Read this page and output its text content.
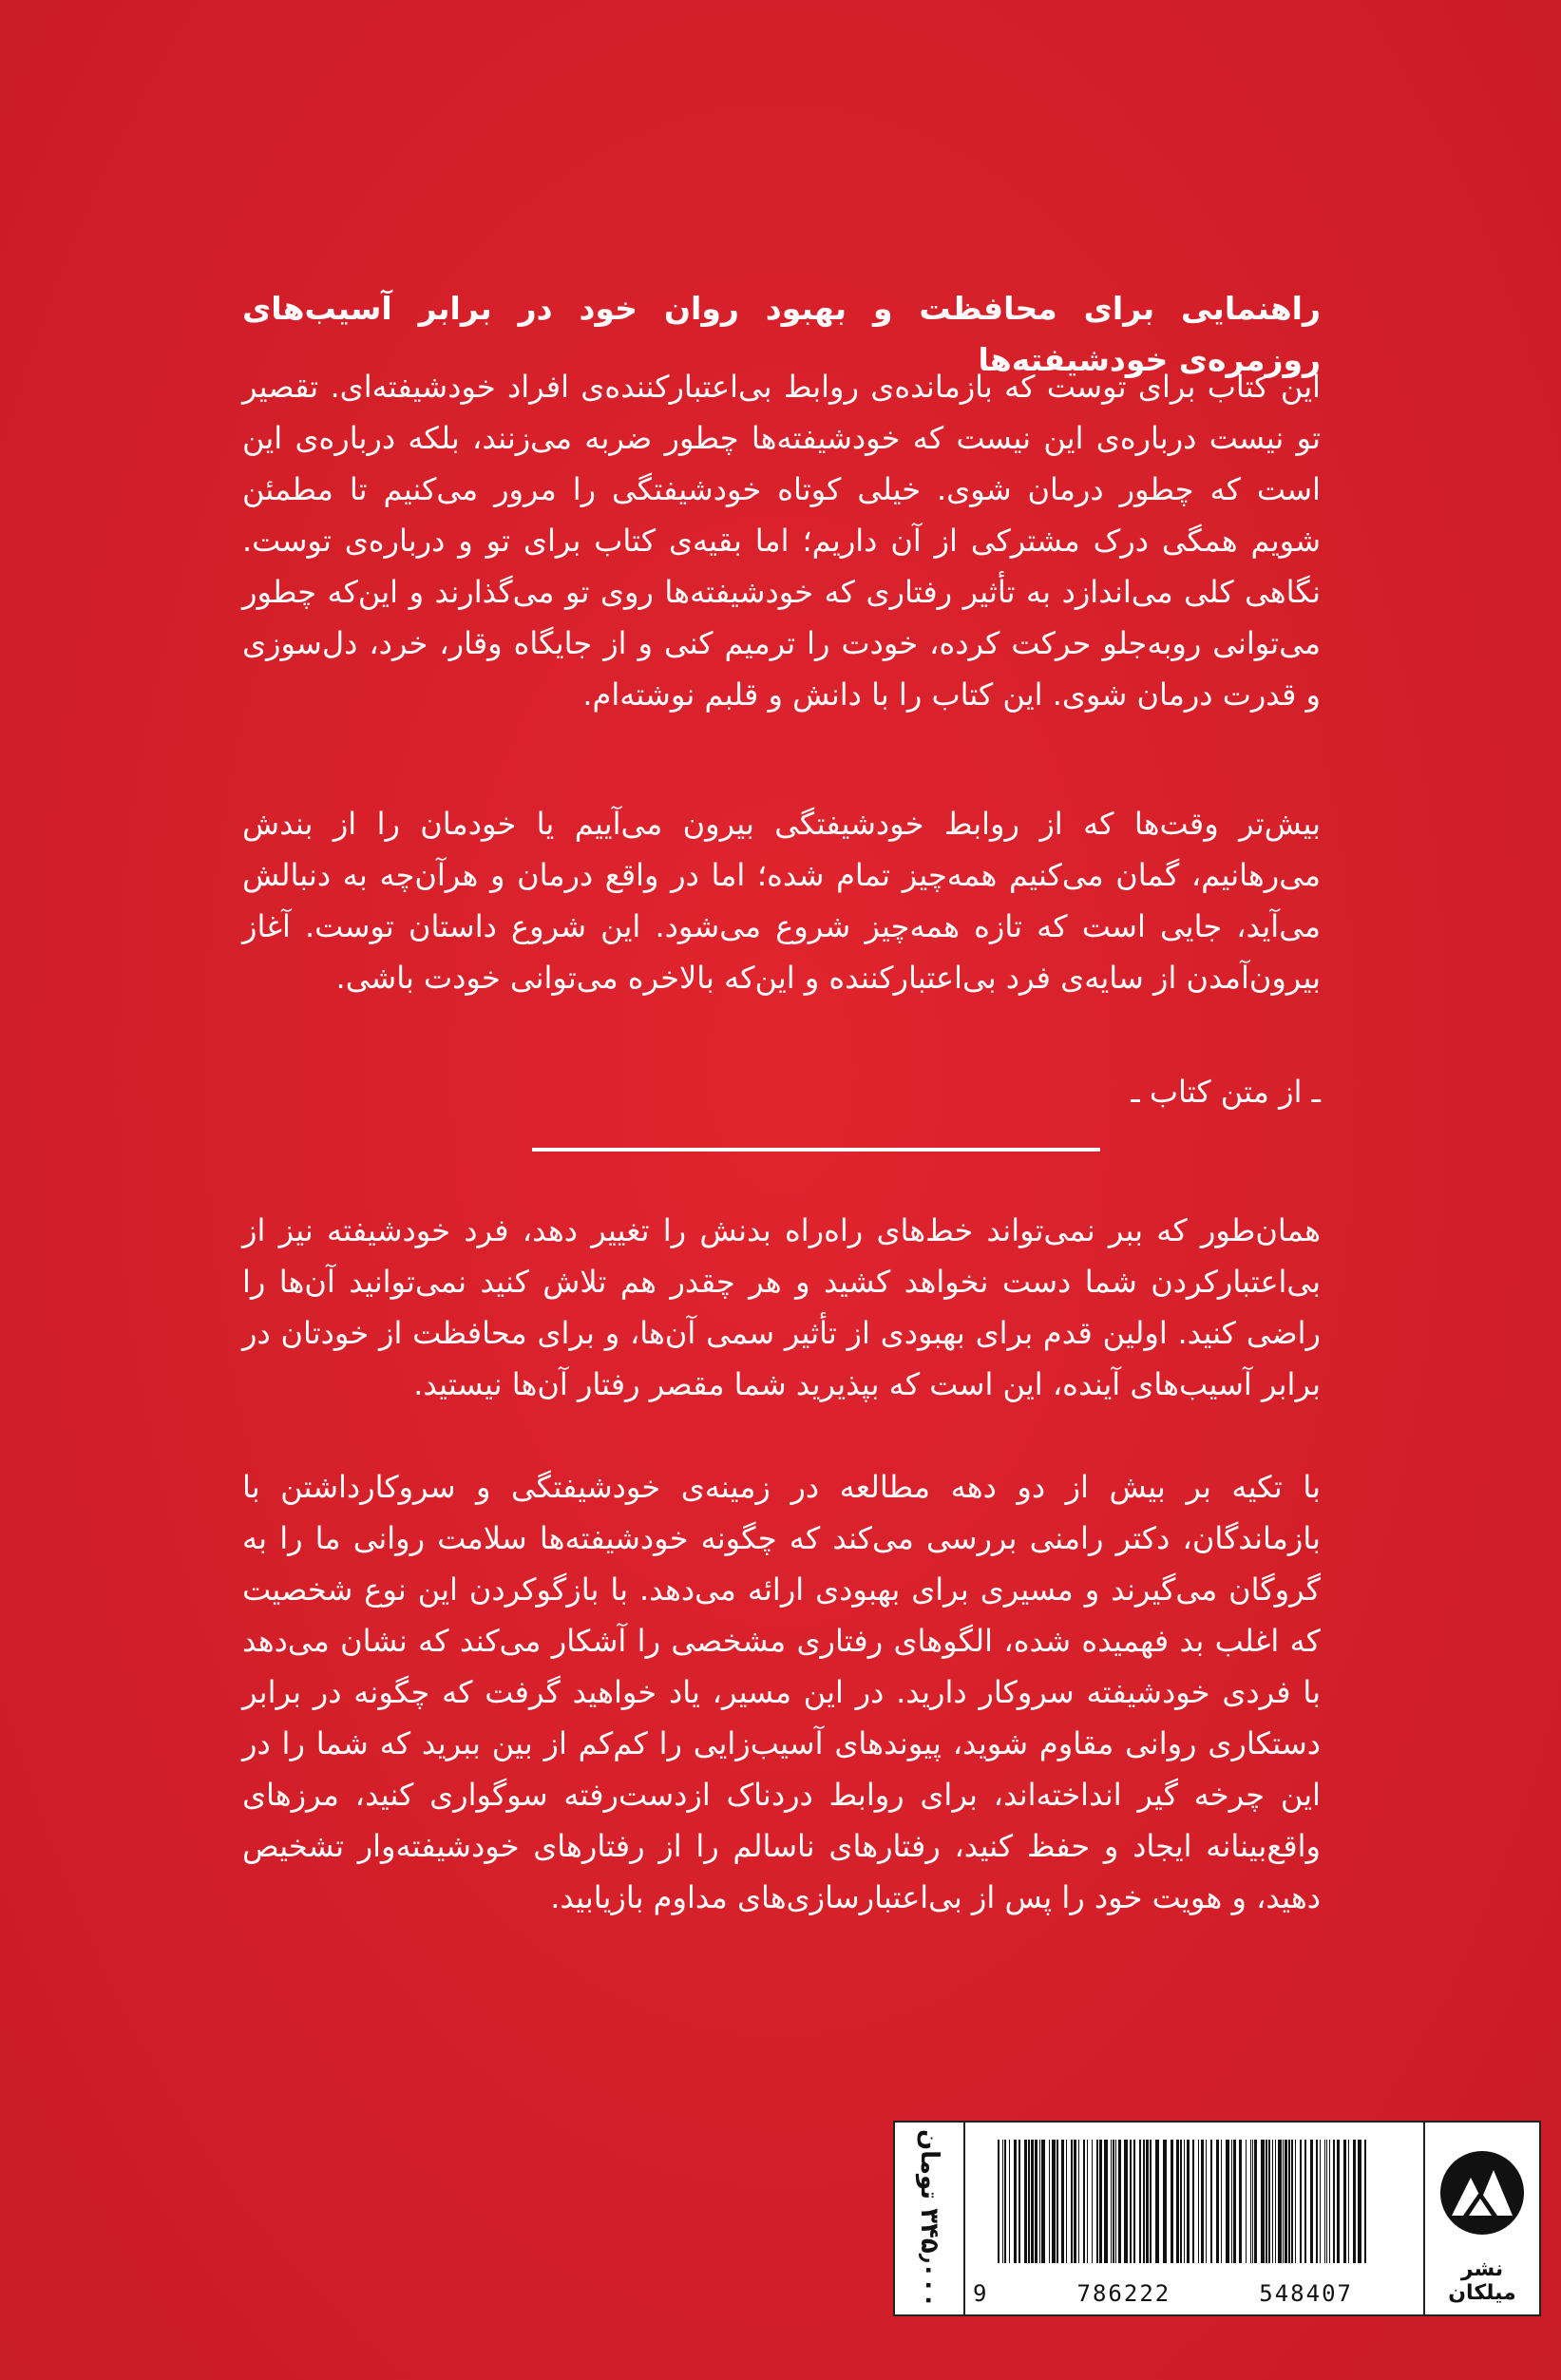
راهنمایی برای محافظت و بهبود روان خود در برابر آسیب‌های روزمره‌ی خودشیفته‌ها

این کتاب برای توست که بازمانده‌ی روابط بی‌اعتبارکننده‌ی افراد خودشیفته‌ای. تقصیر تو نیست درباره‌ی این نیست که خودشیفته‌ها چطور ضربه می‌زنند، بلکه درباره‌ی این است که چطور درمان شوی. خیلی کوتاه خودشیفتگی را مرور می‌کنیم تا مطمئن شویم همگی درک مشترکی از آن داریم؛ اما بقیه‌ی کتاب برای تو و درباره‌ی توست. نگاهی کلی می‌اندازد به تأثیر رفتاری که خودشیفته‌ها روی تو می‌گذارند و این‌که چطور می‌توانی روبه‌جلو حرکت کرده، خودت را ترمیم کنی و از جایگاه وقار، خرد، دل‌سوزی و قدرت درمان شوی. این کتاب را با دانش و قلبم نوشته‌ام.

بیش‌تر وقت‌ها که از روابط خودشیفتگی بیرون می‌آییم یا خودمان را از بندش می‌رهانیم، گمان می‌کنیم همه‌چیز تمام شده؛ اما در واقع درمان و هرآن‌چه به دنبالش می‌آید، جایی است که تازه همه‌چیز شروع می‌شود. این شروع داستان توست. آغاز بیرون‌آمدن از سایه‌ی فرد بی‌اعتبارکننده و این‌که بالاخره می‌توانی خودت باشی.

ـ از متن کتاب ـ

همان‌طور که ببر نمی‌تواند خط‌های راه‌راه بدنش را تغییر دهد، فرد خودشیفته نیز از بی‌اعتبارکردن شما دست نخواهد کشید و هر چقدر هم تلاش کنید نمی‌توانید آن‌ها را راضی کنید. اولین قدم برای بهبودی از تأثیر سمی آن‌ها، و برای محافظت از خودتان در برابر آسیب‌های آینده، این است که بپذیرید شما مقصر رفتار آن‌ها نیستید.

با تکیه بر بیش از دو دهه مطالعه در زمینه‌ی خودشیفتگی و سروکارداشتن با بازماندگان، دکتر رامنی بررسی می‌کند که چگونه خودشیفته‌ها سلامت روانی ما را به گروگان می‌گیرند و مسیری برای بهبودی ارائه می‌دهد. با بازگوکردن این نوع شخصیت که اغلب بد فهمیده شده، الگوهای رفتاری مشخصی را آشکار می‌کند که نشان می‌دهد با فردی خودشیفته سروکار دارید. در این مسیر، یاد خواهید گرفت که چگونه در برابر دستکاری روانی مقاوم شوید، پیوندهای آسیب‌زایی را کم‌کم از بین ببرید که شما را در این چرخه گیر انداخته‌اند، برای روابط دردناک ازدست‌رفته سوگواری کنید، مرزهای واقع‌بینانه ایجاد و حفظ کنید، رفتارهای ناسالم را از رفتارهای خودشیفته‌وار تشخیص دهید، و هویت خود را پس از بی‌اعتبارسازی‌های مداوم بازیابید.

۳۴۵٫۰۰۰ تومان 9	786222	548407
نشر میلکان
